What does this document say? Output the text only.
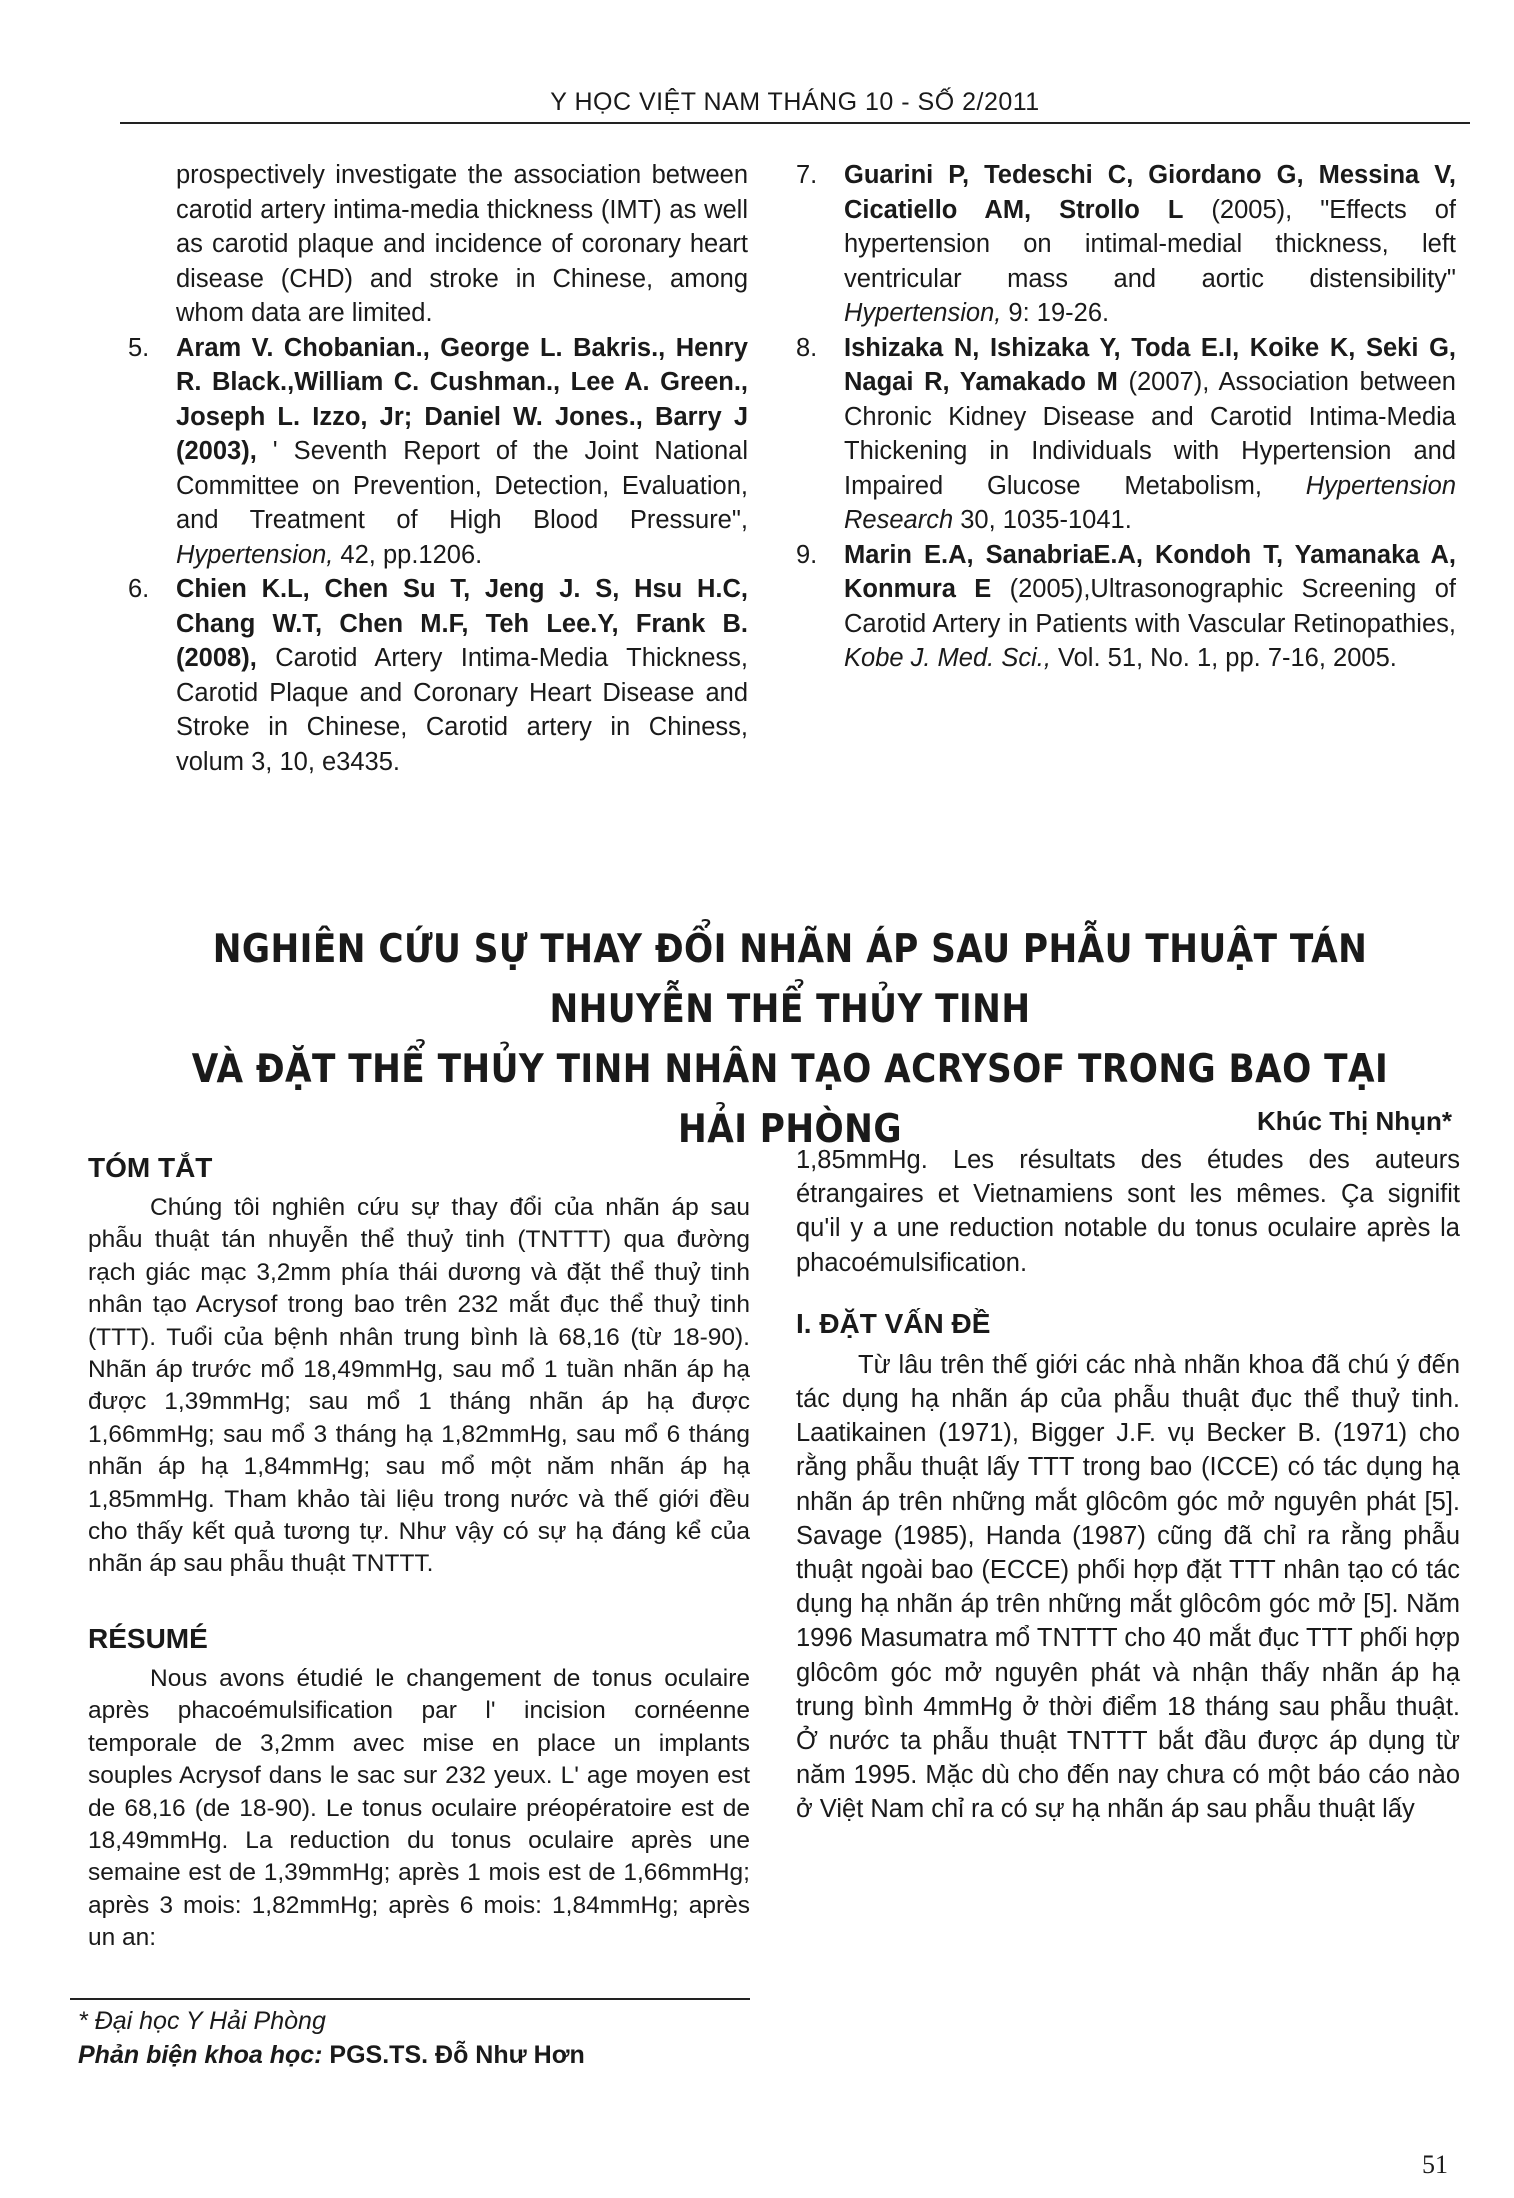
Y HỌC VIỆT NAM THÁNG 10 - SỐ 2/2011
prospectively investigate the association between carotid artery intima-media thickness (IMT) as well as carotid plaque and incidence of coronary heart disease (CHD) and stroke in Chinese, among whom data are limited.
5.	Aram V. Chobanian., George L. Bakris., Henry R. Black.,William C. Cushman., Lee A. Green., Joseph L. Izzo, Jr; Daniel W. Jones., Barry J (2003), ' Seventh Report of the Joint National Committee on Prevention, Detection, Evaluation, and Treatment of High Blood Pressure", Hypertension, 42, pp.1206.
6.	Chien K.L, Chen Su T, Jeng J. S, Hsu H.C, Chang W.T, Chen M.F, Teh Lee.Y, Frank B. (2008), Carotid Artery Intima-Media Thickness, Carotid Plaque and Coronary Heart Disease and Stroke in Chinese, Carotid artery in Chiness, volum 3, 10, e3435.
7.	Guarini P, Tedeschi C, Giordano G, Messina V, Cicatiello AM, Strollo L (2005), "Effects of hypertension on intimal-medial thickness, left ventricular mass and aortic distensibility" Hypertension, 9: 19-26.
8.	Ishizaka N, Ishizaka Y, Toda E.I, Koike K, Seki G, Nagai R, Yamakado M (2007), Association between Chronic Kidney Disease and Carotid Intima-Media Thickening in Individuals with Hypertension and Impaired Glucose Metabolism, Hypertension Research 30, 1035-1041.
9.	Marin E.A, SanabriaE.A, Kondoh T, Yamanaka A, Konmura E (2005),Ultrasonographic Screening of Carotid Artery in Patients with Vascular Retinopathies, Kobe J. Med. Sci., Vol. 51, No. 1, pp. 7-16, 2005.
NGHIÊN CỨU SỰ THAY ĐỔI NHÃN ÁP SAU PHẪU THUẬT TÁN NHUYỄN THỂ THỦY TINH
VÀ ĐẶT THỂ THỦY TINH NHÂN TẠO ACRYSOF TRONG BAO TẠI HẢI PHÒNG	Khúc Thị Nhụn*
TÓM TẮT

Chúng tôi nghiên cứu sự thay đổi của nhãn áp sau phẫu thuật tán nhuyễn thể thuỷ tinh (TNTTT) qua đường rạch giác mạc 3,2mm phía thái dương và đặt thể thuỷ tinh nhân tạo Acrysof trong bao trên 232 mắt đục thể thuỷ tinh (TTT). Tuổi của bệnh nhân trung bình là 68,16 (từ 18-90). Nhãn áp trước mổ 18,49mmHg, sau mổ 1 tuần nhãn áp hạ được 1,39mmHg; sau mổ 1 tháng nhãn áp hạ được 1,66mmHg; sau mổ 3 tháng hạ 1,82mmHg, sau mổ 6 tháng nhãn áp hạ 1,84mmHg; sau mổ một năm nhãn áp hạ 1,85mmHg. Tham khảo tài liệu trong nước và thế giới đều cho thấy kết quả tương tự. Như vậy có sự hạ đáng kể của nhãn áp sau phẫu thuật TNTTT.

RÉSUMÉ

Nous avons étudié le changement de tonus oculaire après phacoémulsification par l' incision cornéenne temporale de 3,2mm avec mise en place un implants souples Acrysof dans le sac sur 232 yeux. L' age moyen est de 68,16 (de 18-90). Le tonus oculaire préopératoire est de 18,49mmHg. La reduction du tonus oculaire après une semaine est de 1,39mmHg; après 1 mois est de 1,66mmHg; après 3 mois: 1,82mmHg; après 6 mois: 1,84mmHg; après un an:

1,85mmHg. Les résultats des études des auteurs étrangaires et Vietnamiens sont les mêmes. Ça signifit qu'il y a une reduction notable du tonus oculaire après la phacoémulsification.

I. ĐẶT VẤN ĐỀ

Từ lâu trên thế giới các nhà nhãn khoa đã chú ý đến tác dụng hạ nhãn áp của phẫu thuật đục thể thuỷ tinh. Laatikainen (1971), Bigger J.F. vụ Becker B. (1971) cho rằng phẫu thuật lấy TTT trong bao (ICCE) có tác dụng hạ nhãn áp trên những mắt glôcôm góc mở nguyên phát [5]. Savage (1985), Handa (1987) cũng đã chỉ ra rằng phẫu thuật ngoài bao (ECCE) phối hợp đặt TTT nhân tạo có tác dụng hạ nhãn áp trên những mắt glôcôm góc mở [5]. Năm 1996 Masumatra mổ TNTTT cho 40 mắt đục TTT phối hợp glôcôm góc mở nguyên phát và nhận thấy nhãn áp hạ trung bình 4mmHg ở thời điểm 18 tháng sau phẫu thuật. Ở nước ta phẫu thuật TNTTT bắt đầu được áp dụng từ năm 1995. Mặc dù cho đến nay chưa có một báo cáo nào ở Việt Nam chỉ ra có sự hạ nhãn áp sau phẫu thuật lấy

* Đại học Y Hải Phòng
Phản biện khoa học: PGS.TS. Đỗ Như Hơn
51
